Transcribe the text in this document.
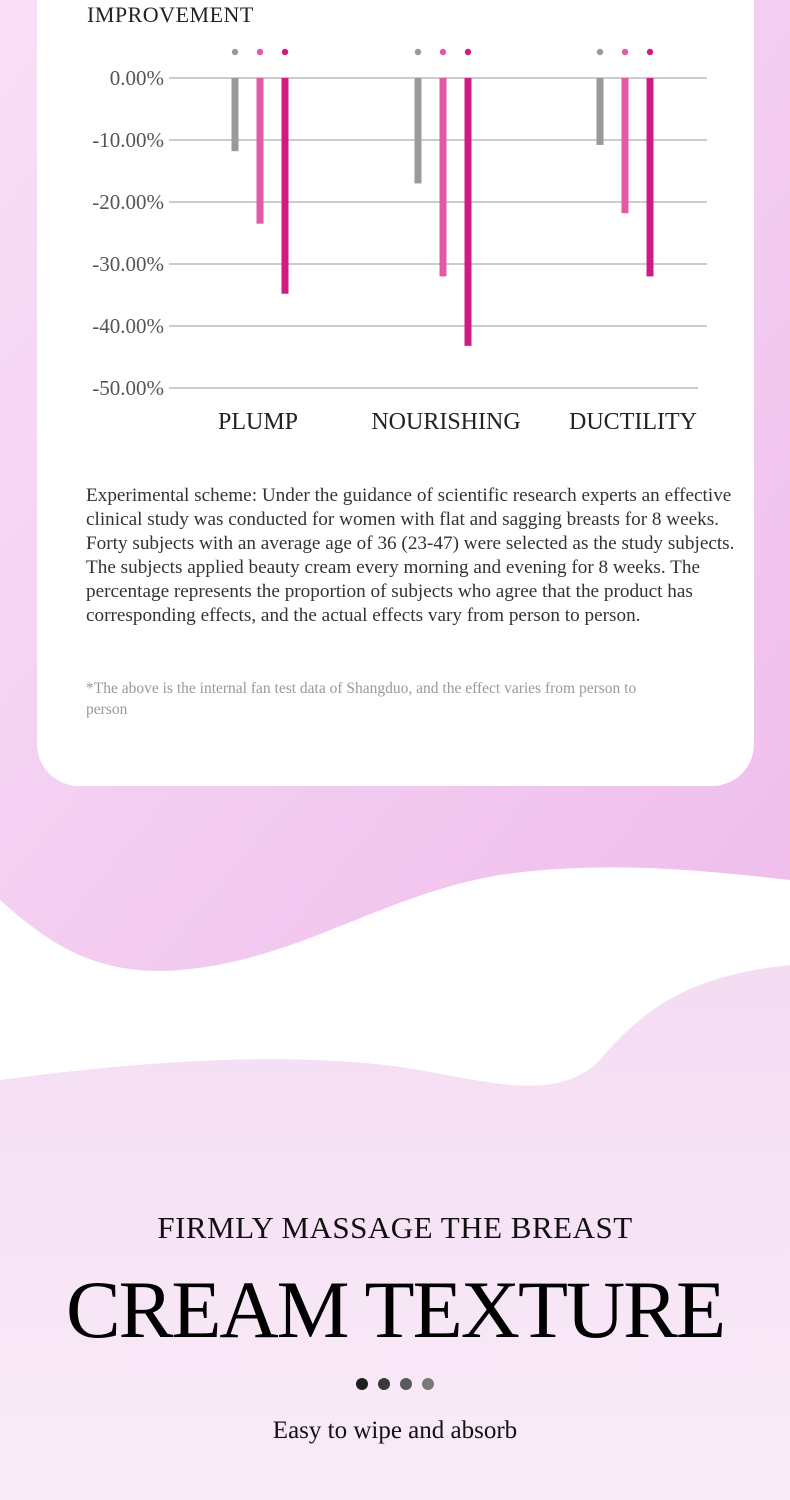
IMPROVEMENT
0.00%
-10.00%
-20.00%
-30.00%
-40.00%
-50.00%
PLUMP	NOURISHING DUCTILITY

Experimental scheme: Under the guidance of scientific research experts an effective clinical study was conducted for women with flat and sagging breasts for 8 weeks. Forty subjects with an average age of 36 (23-47) were selected as the study subjects. The subjects applied beauty cream every morning and evening for 8 weeks. The percentage represents the proportion of subjects who agree that the product has corresponding effects, and the actual effects vary from person to person.

*The above is the internal fan test data of Shangduo, and the effect varies from person to person

FIRMLY MASSAGE THE BREAST
CREAM TEXTURE

Easy to wipe and absorb
